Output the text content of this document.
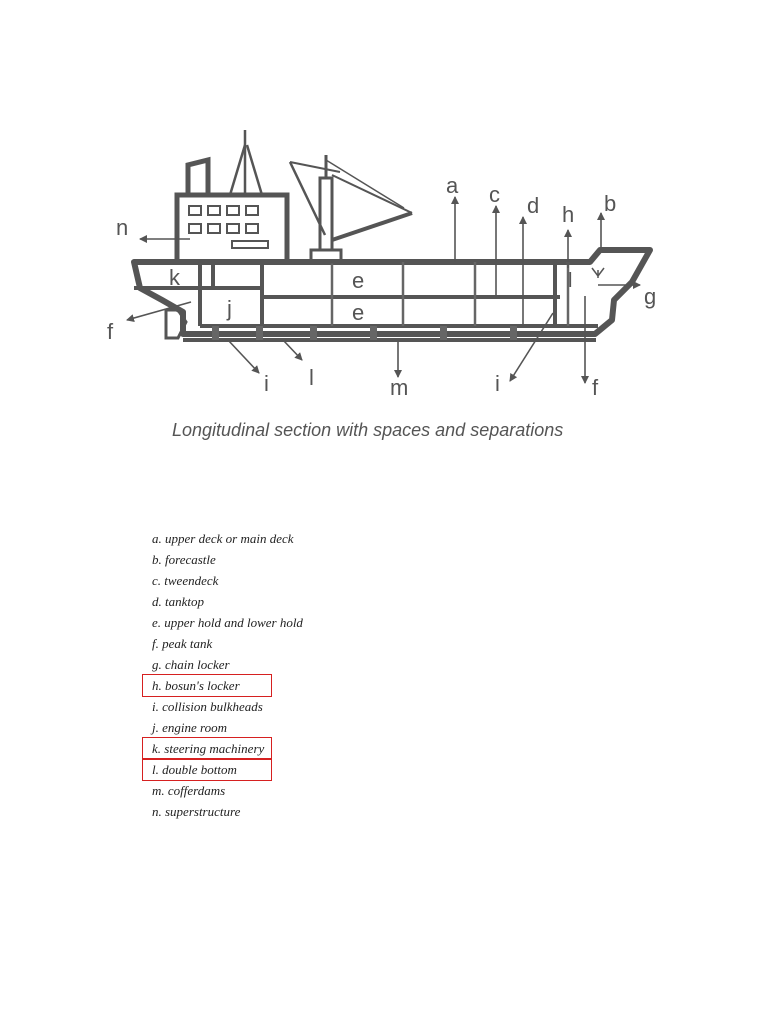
a c d h b
g
f
f
n
k
j
e
e
l
i l	m	i
Longitudinal section with spaces and separations
a. upper deck or main deck
b. forecastle
c. tweendeck
d. tanktop
e. upper hold and lower hold
f. peak tank
g. chain locker
h. bosun's locker
i. collision bulkheads
j. engine room
k. steering machinery
l. double bottom
m. cofferdams
n. superstructure
